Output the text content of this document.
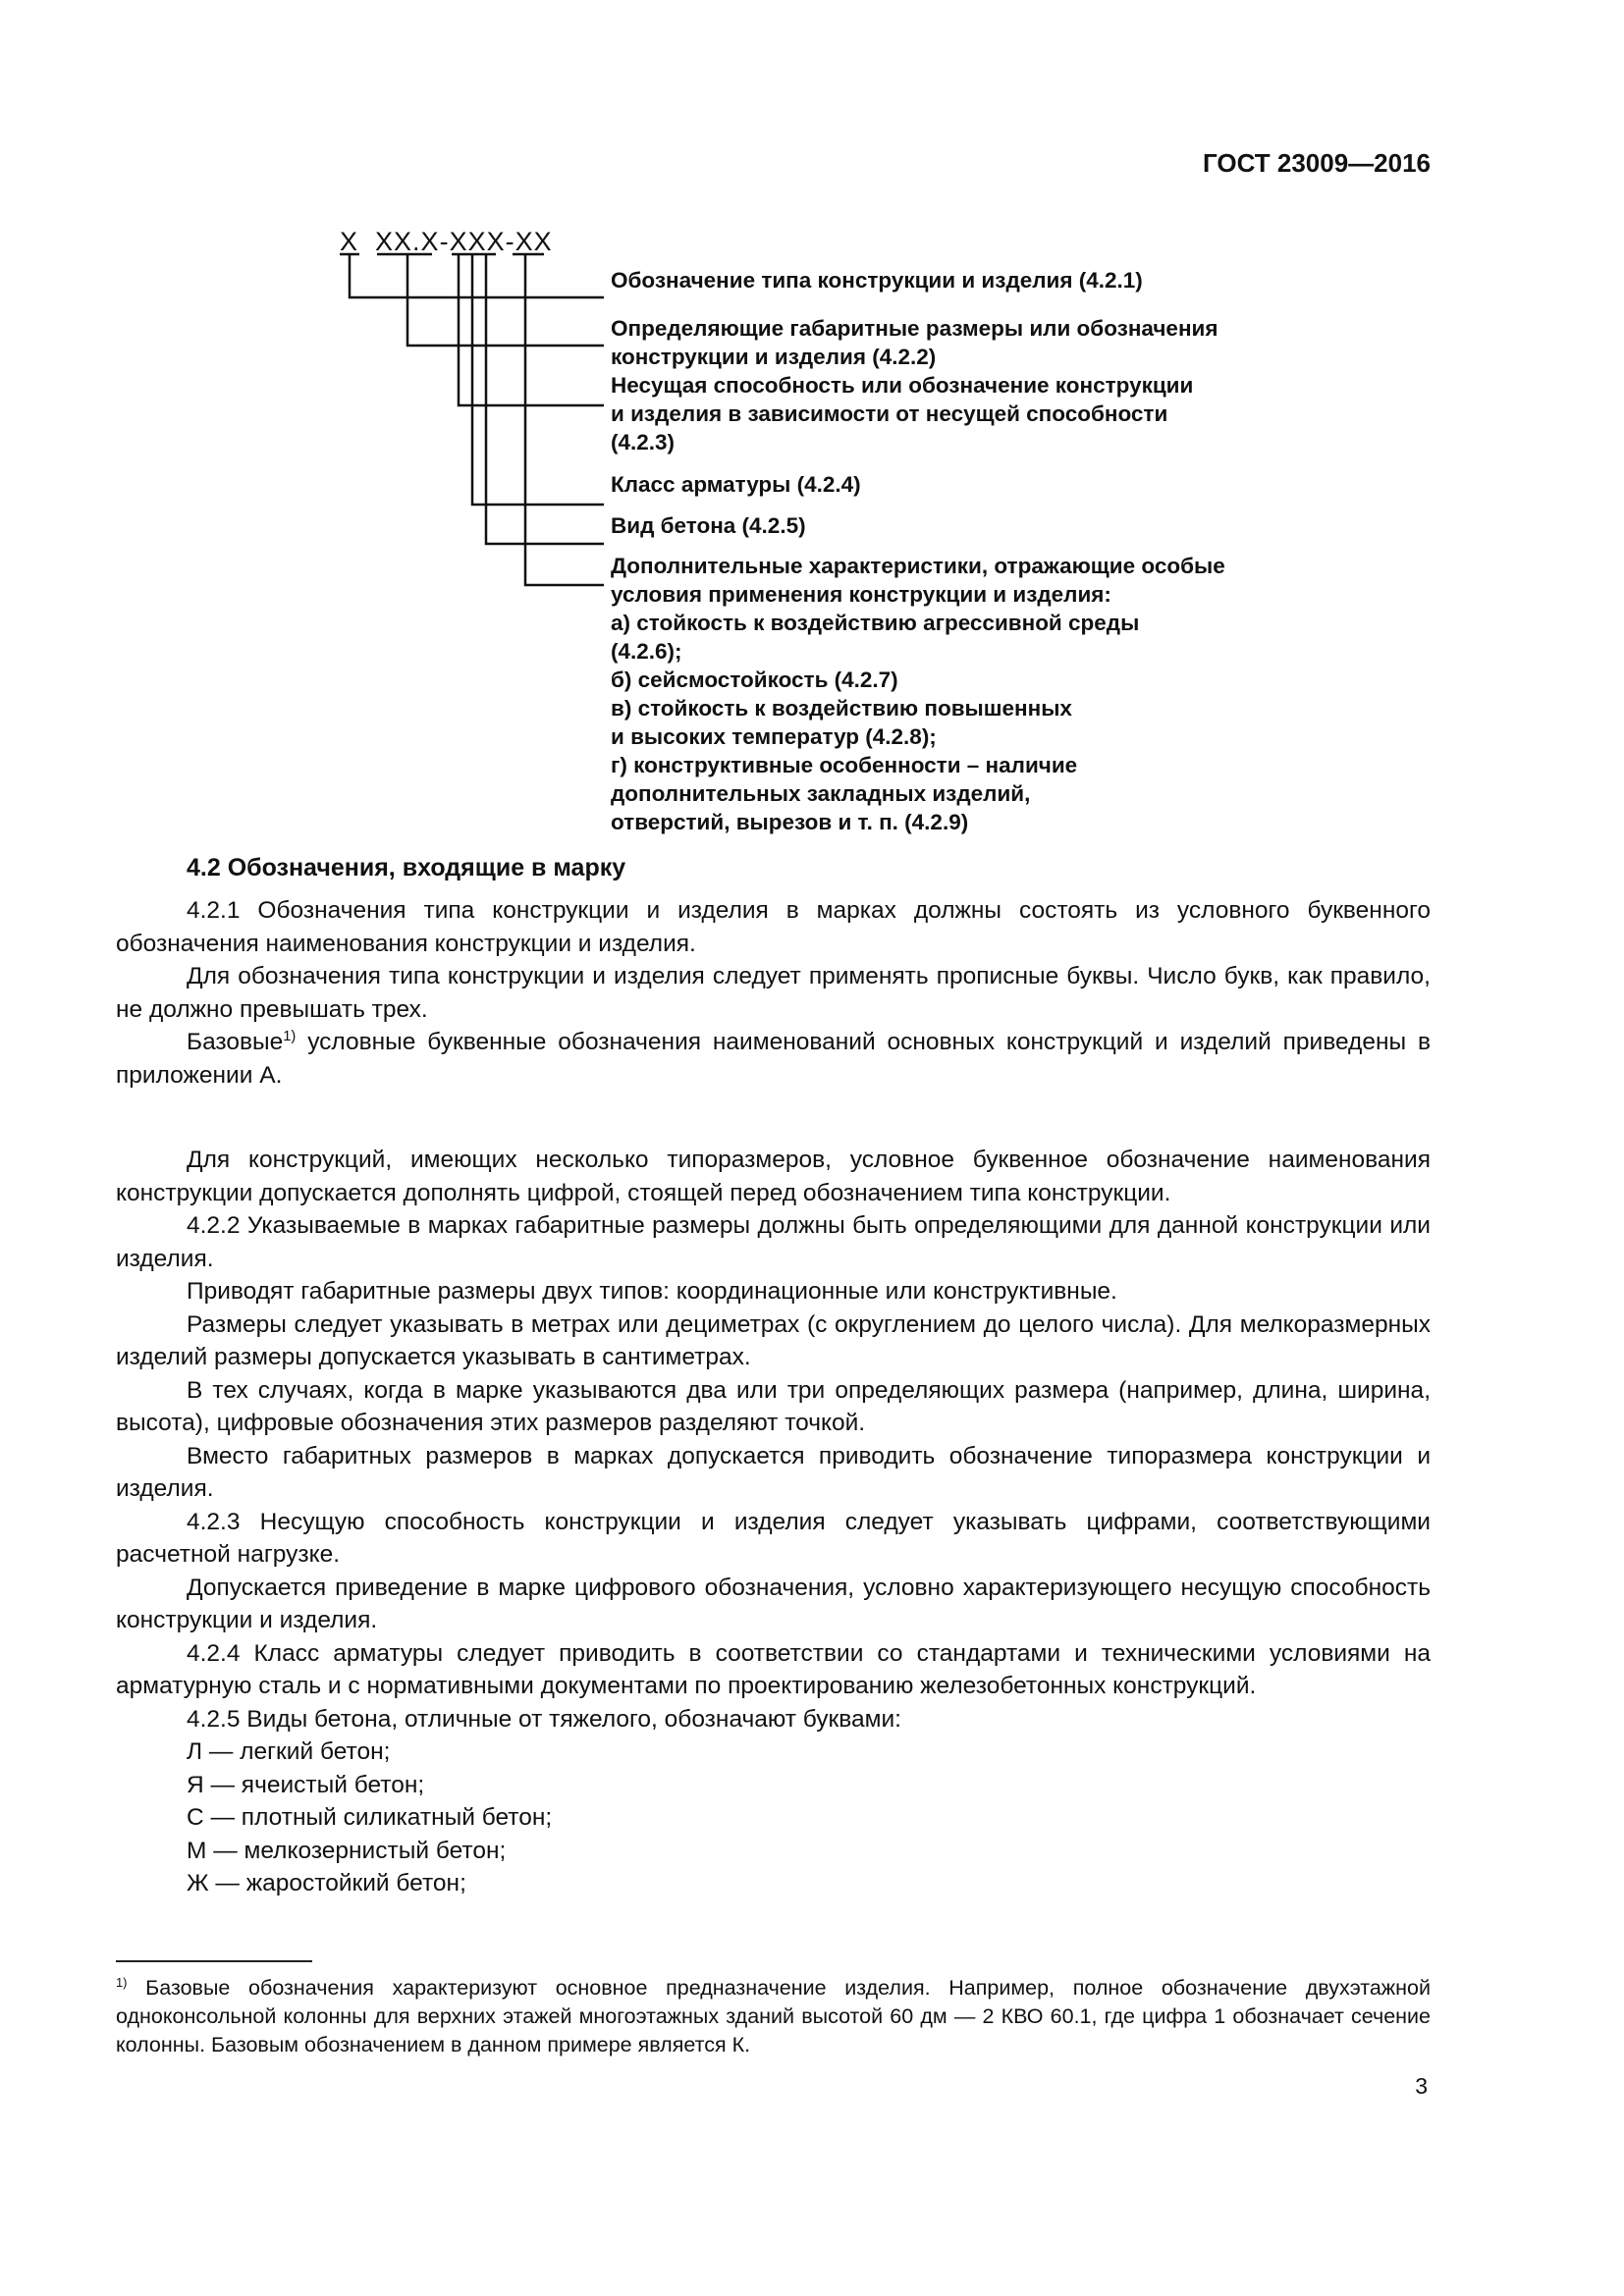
ГОСТ 23009—2016

Х ХХ.Х-ХХХ-ХХ

Обозначение типа конструкции и изделия (4.2.1)
Определяющие габаритные размеры или обозначения
конструкции и изделия (4.2.2)
Несущая способность или обозначение конструкции
и изделия в зависимости от несущей способности
(4.2.3)
Класс арматуры (4.2.4)
Вид бетона (4.2.5)
Дополнительные характеристики, отражающие особые
условия применения конструкции и изделия:
а) стойкость к воздействию агрессивной среды
(4.2.6);
б) сейсмостойкость (4.2.7)
в) стойкость к воздействию повышенных
и высоких температур (4.2.8);
г) конструктивные особенности – наличие
дополнительных закладных изделий,
отверстий, вырезов и т. п. (4.2.9)
4.2 Обозначения, входящие в марку

4.2.1 Обозначения типа конструкции и изделия в марках должны состоять из условного буквенного обозначения наименования конструкции и изделия.

Для обозначения типа конструкции и изделия следует применять прописные буквы. Число букв, как правило, не должно превышать трех.

Базовые$^{1)}$ условные буквенные обозначения наименований основных конструкций и изделий приведены в приложении А.

Для конструкций, имеющих несколько типоразмеров, условное буквенное обозначение наименования конструкции допускается дополнять цифрой, стоящей перед обозначением типа конструкции.

4.2.2 Указываемые в марках габаритные размеры должны быть определяющими для данной конструкции или изделия.

Приводят габаритные размеры двух типов: координационные или конструктивные.

Размеры следует указывать в метрах или дециметрах (с округлением до целого числа). Для мелкоразмерных изделий размеры допускается указывать в сантиметрах.

В тех случаях, когда в марке указываются два или три определяющих размера (например, длина, ширина, высота), цифровые обозначения этих размеров разделяют точкой.

Вместо габаритных размеров в марках допускается приводить обозначение типоразмера конструкции и изделия.

4.2.3 Несущую способность конструкции и изделия следует указывать цифрами, соответствующими расчетной нагрузке.

Допускается приведение в марке цифрового обозначения, условно характеризующего несущую способность конструкции и изделия.

4.2.4 Класс арматуры следует приводить в соответствии со стандартами и техническими условиями на арматурную сталь и с нормативными документами по проектированию железобетонных конструкций.

4.2.5 Виды бетона, отличные от тяжелого, обозначают буквами:

Л — легкий бетон;

Я — ячеистый бетон;

С — плотный силикатный бетон;

М — мелкозернистый бетон;

Ж — жаростойкий бетон;

$^{1)}$ Базовые обозначения характеризуют основное предназначение изделия. Например, полное обозначение двухэтажной одноконсольной колонны для верхних этажей многоэтажных зданий высотой 60 дм — 2 КВО 60.1, где цифра 1 обозначает сечение колонны. Базовым обозначением в данном примере является К.

3
